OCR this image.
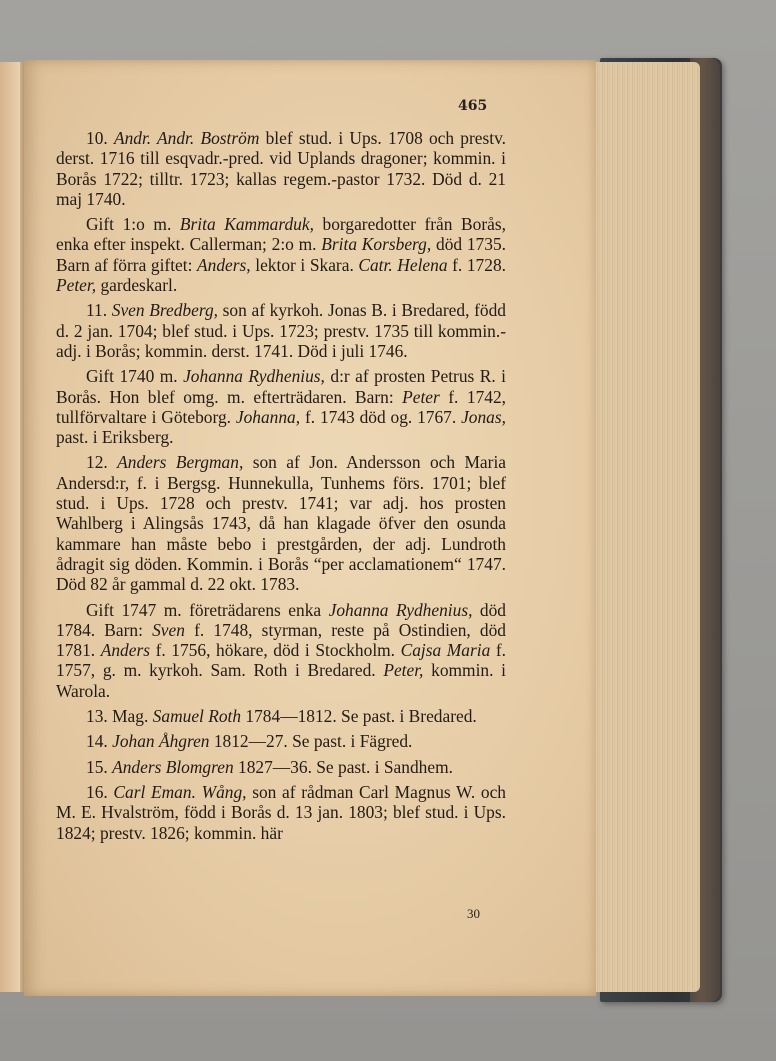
465

10. Andr. Andr. Boström blef stud. i Ups. 1708 och prestv. derst. 1716 till esqvadr.-pred. vid Uplands dragoner; kommin. i Borås 1722; tilltr. 1723; kallas regem.-pastor 1732. Död d. 21 maj 1740.

Gift 1:o m. Brita Kammarduk, borgaredotter från Borås, enka efter inspekt. Callerman; 2:o m. Brita Korsberg, död 1735. Barn af förra giftet: Anders, lektor i Skara. Catr. Helena f. 1728. Peter, gardeskarl.

11. Sven Bredberg, son af kyrkoh. Jonas B. i Bredared, född d. 2 jan. 1704; blef stud. i Ups. 1723; prestv. 1735 till kommin.-adj. i Borås; kommin. derst. 1741. Död i juli 1746.

Gift 1740 m. Johanna Rydhenius, d:r af prosten Petrus R. i Borås. Hon blef omg. m. efterträdaren. Barn: Peter f. 1742, tullförvaltare i Göteborg. Johanna, f. 1743 död og. 1767. Jonas, past. i Eriksberg.

12. Anders Bergman, son af Jon. Andersson och Maria Andersd:r, f. i Bergsg. Hunnekulla, Tunhems förs. 1701; blef stud. i Ups. 1728 och prestv. 1741; var adj. hos prosten Wahlberg i Alingsås 1743, då han klagade öfver den osunda kammare han måste bebo i prestgården, der adj. Lundroth ådragit sig döden. Kommin. i Borås “per acclamationem“ 1747. Död 82 år gammal d. 22 okt. 1783.

Gift 1747 m. företrädarens enka Johanna Rydhenius, död 1784. Barn: Sven f. 1748, styrman, reste på Ostindien, död 1781. Anders f. 1756, hökare, död i Stockholm. Cajsa Maria f. 1757, g. m. kyrkoh. Sam. Roth i Bredared. Peter, kommin. i Warola.

13. Mag. Samuel Roth 1784—1812. Se past. i Bredared.

14. Johan Åhgren 1812—27. Se past. i Fägred.

15. Anders Blomgren 1827—36. Se past. i Sandhem.

16. Carl Eman. Wång, son af rådman Carl Magnus W. och M. E. Hvalström, född i Borås d. 13 jan. 1803; blef stud. i Ups. 1824; prestv. 1826; kommin. här

30
